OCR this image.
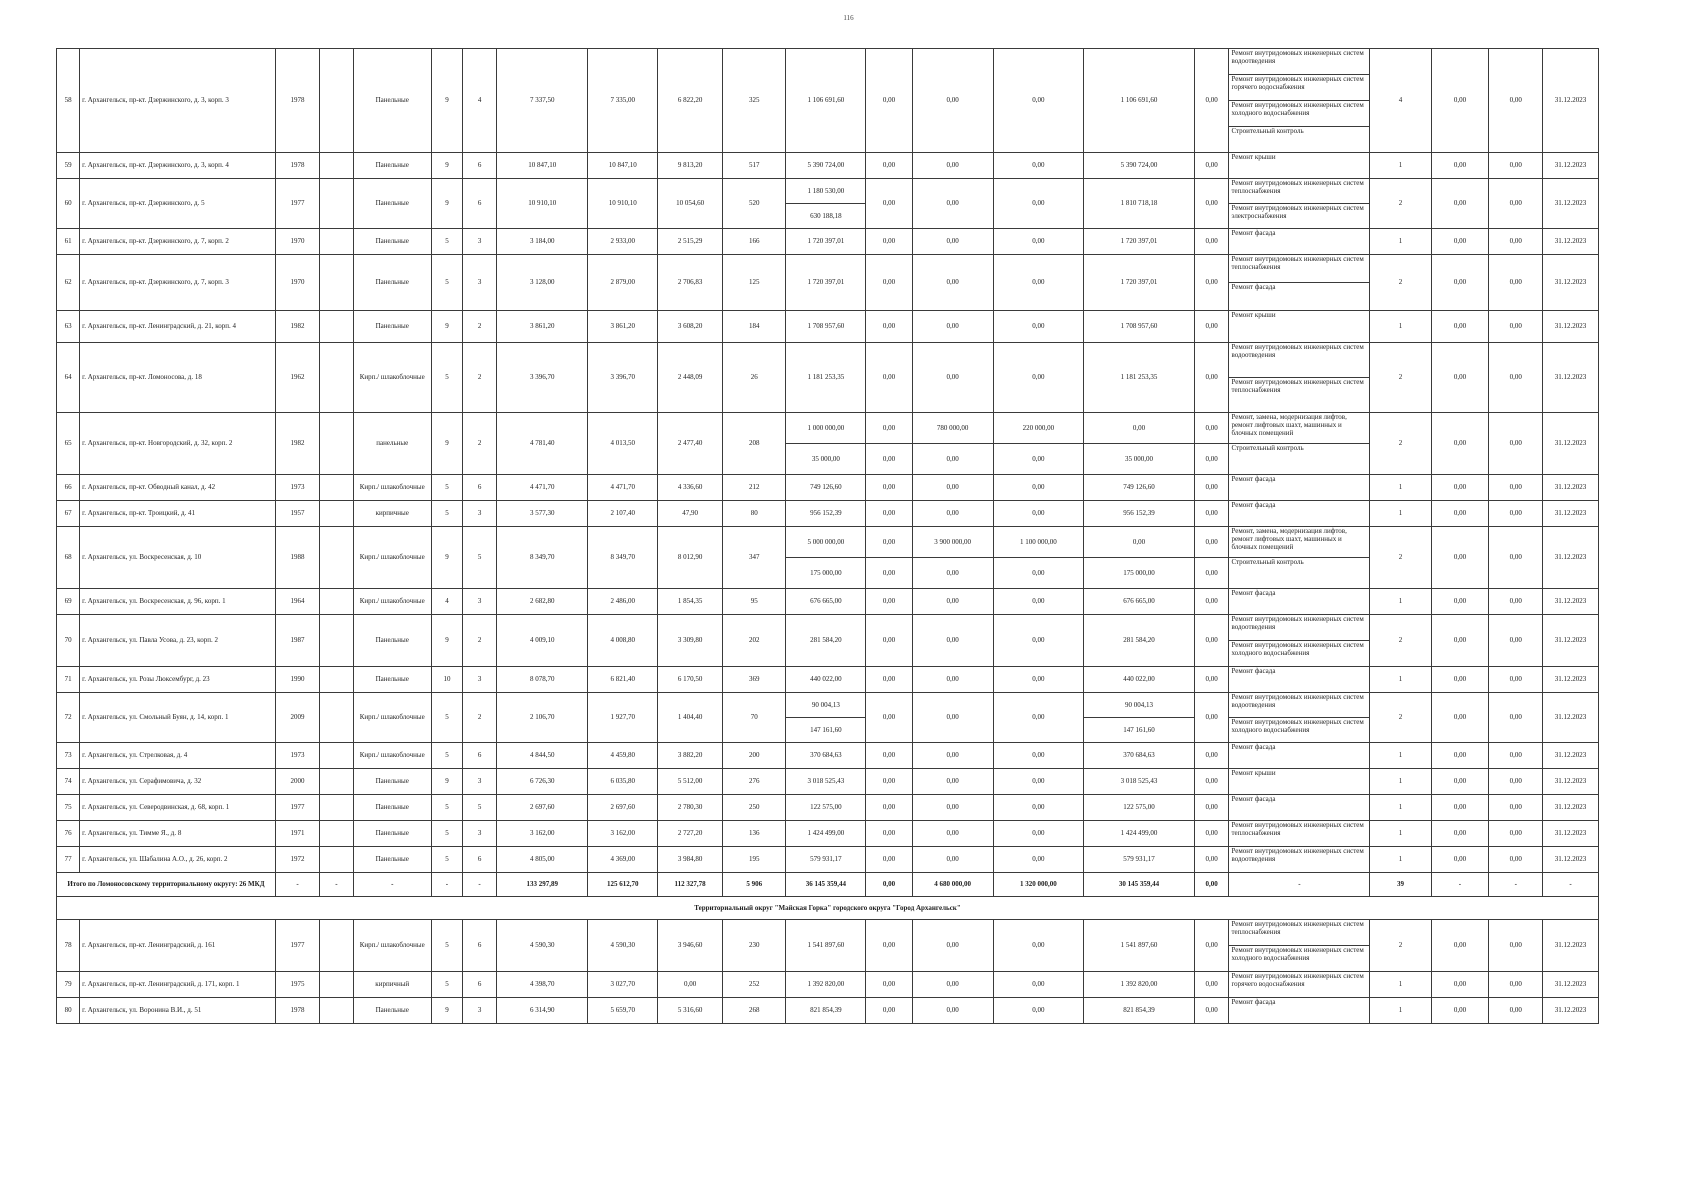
116
58	г. Архангельск, пр-кт. Дзержинского, д. 3, корп. 3	1978		Панельные	9	4	7 337,50	7 335,00	6 822,20	325	1 106 691,60	0,00	0,00	0,00	1 106 691,60	0,00	Ремонт внутридомовых инженерных систем водоотведения	4	0,00	0,00	31.12.2023
																	Ремонт внутридомовых инженерных систем горячего водоснабжения				
																	Ремонт внутридомовых инженерных систем холодного водоснабжения				
																	Строительный контроль				
59	г. Архангельск, пр-кт. Дзержинского, д. 3, корп. 4	1978		Панельные	9	6	10 847,10	10 847,10	9 813,20	517	5 390 724,00	0,00	0,00	0,00	5 390 724,00	0,00	Ремонт крыши	1	0,00	0,00	31.12.2023
60	г. Архангельск, пр-кт. Дзержинского, д. 5	1977		Панельные	9	6	10 910,10	10 910,10	10 054,60	520	1 180 530,00	0,00	0,00	0,00	1 810 718,18	0,00	Ремонт внутридомовых инженерных систем теплоснабжения	2	0,00	0,00	31.12.2023
											630 188,18						Ремонт внутридомовых инженерных систем электроснабжения				
61	г. Архангельск, пр-кт. Дзержинского, д. 7, корп. 2	1970		Панельные	5	3	3 184,00	2 933,00	2 515,29	166	1 720 397,01	0,00	0,00	0,00	1 720 397,01	0,00	Ремонт фасада	1	0,00	0,00	31.12.2023
62	г. Архангельск, пр-кт. Дзержинского, д. 7, корп. 3	1970		Панельные	5	3	3 128,00	2 879,00	2 706,83	125	1 720 397,01	0,00	0,00	0,00	1 720 397,01	0,00	Ремонт внутридомовых инженерных систем теплоснабжения	2	0,00	0,00	31.12.2023
																	Ремонт фасада				
63	г. Архангельск, пр-кт. Ленинградский, д. 21, корп. 4	1982		Панельные	9	2	3 861,20	3 861,20	3 608,20	184	1 708 957,60	0,00	0,00	0,00	1 708 957,60	0,00	Ремонт крыши	1	0,00	0,00	31.12.2023
64	г. Архангельск, пр-кт. Ломоносова, д. 18	1962		Кирп./ шлакоблочные	5	2	3 396,70	3 396,70	2 448,09	26	1 181 253,35	0,00	0,00	0,00	1 181 253,35	0,00	Ремонт внутридомовых инженерных систем водоотведения	2	0,00	0,00	31.12.2023
																	Ремонт внутридомовых инженерных систем теплоснабжения				
65	г. Архангельск, пр-кт. Новгородский, д. 32, корп. 2	1982		панельные	9	2	4 781,40	4 013,50	2 477,40	208	1 000 000,00	0,00	780 000,00	220 000,00	0,00	0,00	Ремонт, замена, модернизация лифтов, ремонт лифтовых шахт, машинных и блочных помещений	2	0,00	0,00	31.12.2023
											35 000,00	0,00	0,00	0,00	35 000,00	0,00	Строительный контроль				
66	г. Архангельск, пр-кт. Обводный канал, д. 42	1973		Кирп./ шлакоблочные	5	6	4 471,70	4 471,70	4 336,60	212	749 126,60	0,00	0,00	0,00	749 126,60	0,00	Ремонт фасада	1	0,00	0,00	31.12.2023
67	г. Архангельск, пр-кт. Троицкий, д. 41	1957		кирпичные	5	3	3 577,30	2 107,40	47,90	80	956 152,39	0,00	0,00	0,00	956 152,39	0,00	Ремонт фасада	1	0,00	0,00	31.12.2023
68	г. Архангельск, ул. Воскресенская, д. 10	1988		Кирп./ шлакоблочные	9	5	8 349,70	8 349,70	8 012,90	347	5 000 000,00	0,00	3 900 000,00	1 100 000,00	0,00	0,00	Ремонт, замена, модернизация лифтов, ремонт лифтовых шахт, машинных и блочных помещений	2	0,00	0,00	31.12.2023
											175 000,00	0,00	0,00	0,00	175 000,00	0,00	Строительный контроль				
69	г. Архангельск, ул. Воскресенская, д. 96, корп. 1	1964		Кирп./ шлакоблочные	4	3	2 682,80	2 486,00	1 854,35	95	676 665,00	0,00	0,00	0,00	676 665,00	0,00	Ремонт фасада	1	0,00	0,00	31.12.2023
70	г. Архангельск, ул. Павла Усова, д. 23, корп. 2	1987		Панельные	9	2	4 009,10	4 008,80	3 309,80	202	281 584,20	0,00	0,00	0,00	281 584,20	0,00	Ремонт внутридомовых инженерных систем водоотведения	2	0,00	0,00	31.12.2023
																	Ремонт внутридомовых инженерных систем холодного водоснабжения				
71	г. Архангельск, ул. Розы Люксембург, д. 23	1990		Панельные	10	3	8 078,70	6 821,40	6 170,50	369	440 022,00	0,00	0,00	0,00	440 022,00	0,00	Ремонт фасада	1	0,00	0,00	31.12.2023
72	г. Архангельск, ул. Смольный Буян, д. 14, корп. 1	2009		Кирп./ шлакоблочные	5	2	2 106,70	1 927,70	1 404,40	70	90 004,13	0,00	0,00	0,00	90 004,13	0,00	Ремонт внутридомовых инженерных систем водоотведения	2	0,00	0,00	31.12.2023
											147 161,60				147 161,60		Ремонт внутридомовых инженерных систем холодного водоснабжения				
73	г. Архангельск, ул. Стрелковая, д. 4	1973		Кирп./ шлакоблочные	5	6	4 844,50	4 459,80	3 882,20	200	370 684,63	0,00	0,00	0,00	370 684,63	0,00	Ремонт фасада	1	0,00	0,00	31.12.2023
74	г. Архангельск, ул. Серафимовича, д. 32	2000		Панельные	9	3	6 726,30	6 035,80	5 512,00	276	3 018 525,43	0,00	0,00	0,00	3 018 525,43	0,00	Ремонт крыши	1	0,00	0,00	31.12.2023
75	г. Архангельск, ул. Северодвинская, д. 68, корп. 1	1977		Панельные	5	5	2 697,60	2 697,60	2 780,30	250	122 575,00	0,00	0,00	0,00	122 575,00	0,00	Ремонт фасада	1	0,00	0,00	31.12.2023
76	г. Архангельск, ул. Тимме Я., д. 8	1971		Панельные	5	3	3 162,00	3 162,00	2 727,20	136	1 424 499,00	0,00	0,00	0,00	1 424 499,00	0,00	Ремонт внутридомовых инженерных систем теплоснабжения	1	0,00	0,00	31.12.2023
77	г. Архангельск, ул. Шабалина А.О., д. 26, корп. 2	1972		Панельные	5	6	4 805,00	4 369,00	3 984,80	195	579 931,17	0,00	0,00	0,00	579 931,17	0,00	Ремонт внутридомовых инженерных систем водоотведения	1	0,00	0,00	31.12.2023
Итого по Ломоносовскому территориальному округу: 26 МКД		-	-	-	-	-	133 297,89	125 612,70	112 327,78	5 906	36 145 359,44	0,00	4 680 000,00	1 320 000,00	30 145 359,44	0,00	-	39	-	-	-
Территориальный округ "Майская Горка" городского округа "Город Архангельск"																					
78	г. Архангельск, пр-кт. Ленинградский, д. 161	1977		Кирп./ шлакоблочные	5	6	4 590,30	4 590,30	3 946,60	230	1 541 897,60	0,00	0,00	0,00	1 541 897,60	0,00	Ремонт внутридомовых инженерных систем теплоснабжения	2	0,00	0,00	31.12.2023
																	Ремонт внутридомовых инженерных систем холодного водоснабжения				
79	г. Архангельск, пр-кт. Ленинградский, д. 171, корп. 1	1975		кирпичный	5	6	4 398,70	3 027,70	0,00	252	1 392 820,00	0,00	0,00	0,00	1 392 820,00	0,00	Ремонт внутридомовых инженерных систем горячего водоснабжения	1	0,00	0,00	31.12.2023
80	г. Архангельск, ул. Воронина В.И., д. 51	1978		Панельные	9	3	6 314,90	5 659,70	5 316,60	268	821 854,39	0,00	0,00	0,00	821 854,39	0,00	Ремонт фасада	1	0,00	0,00	31.12.2023
